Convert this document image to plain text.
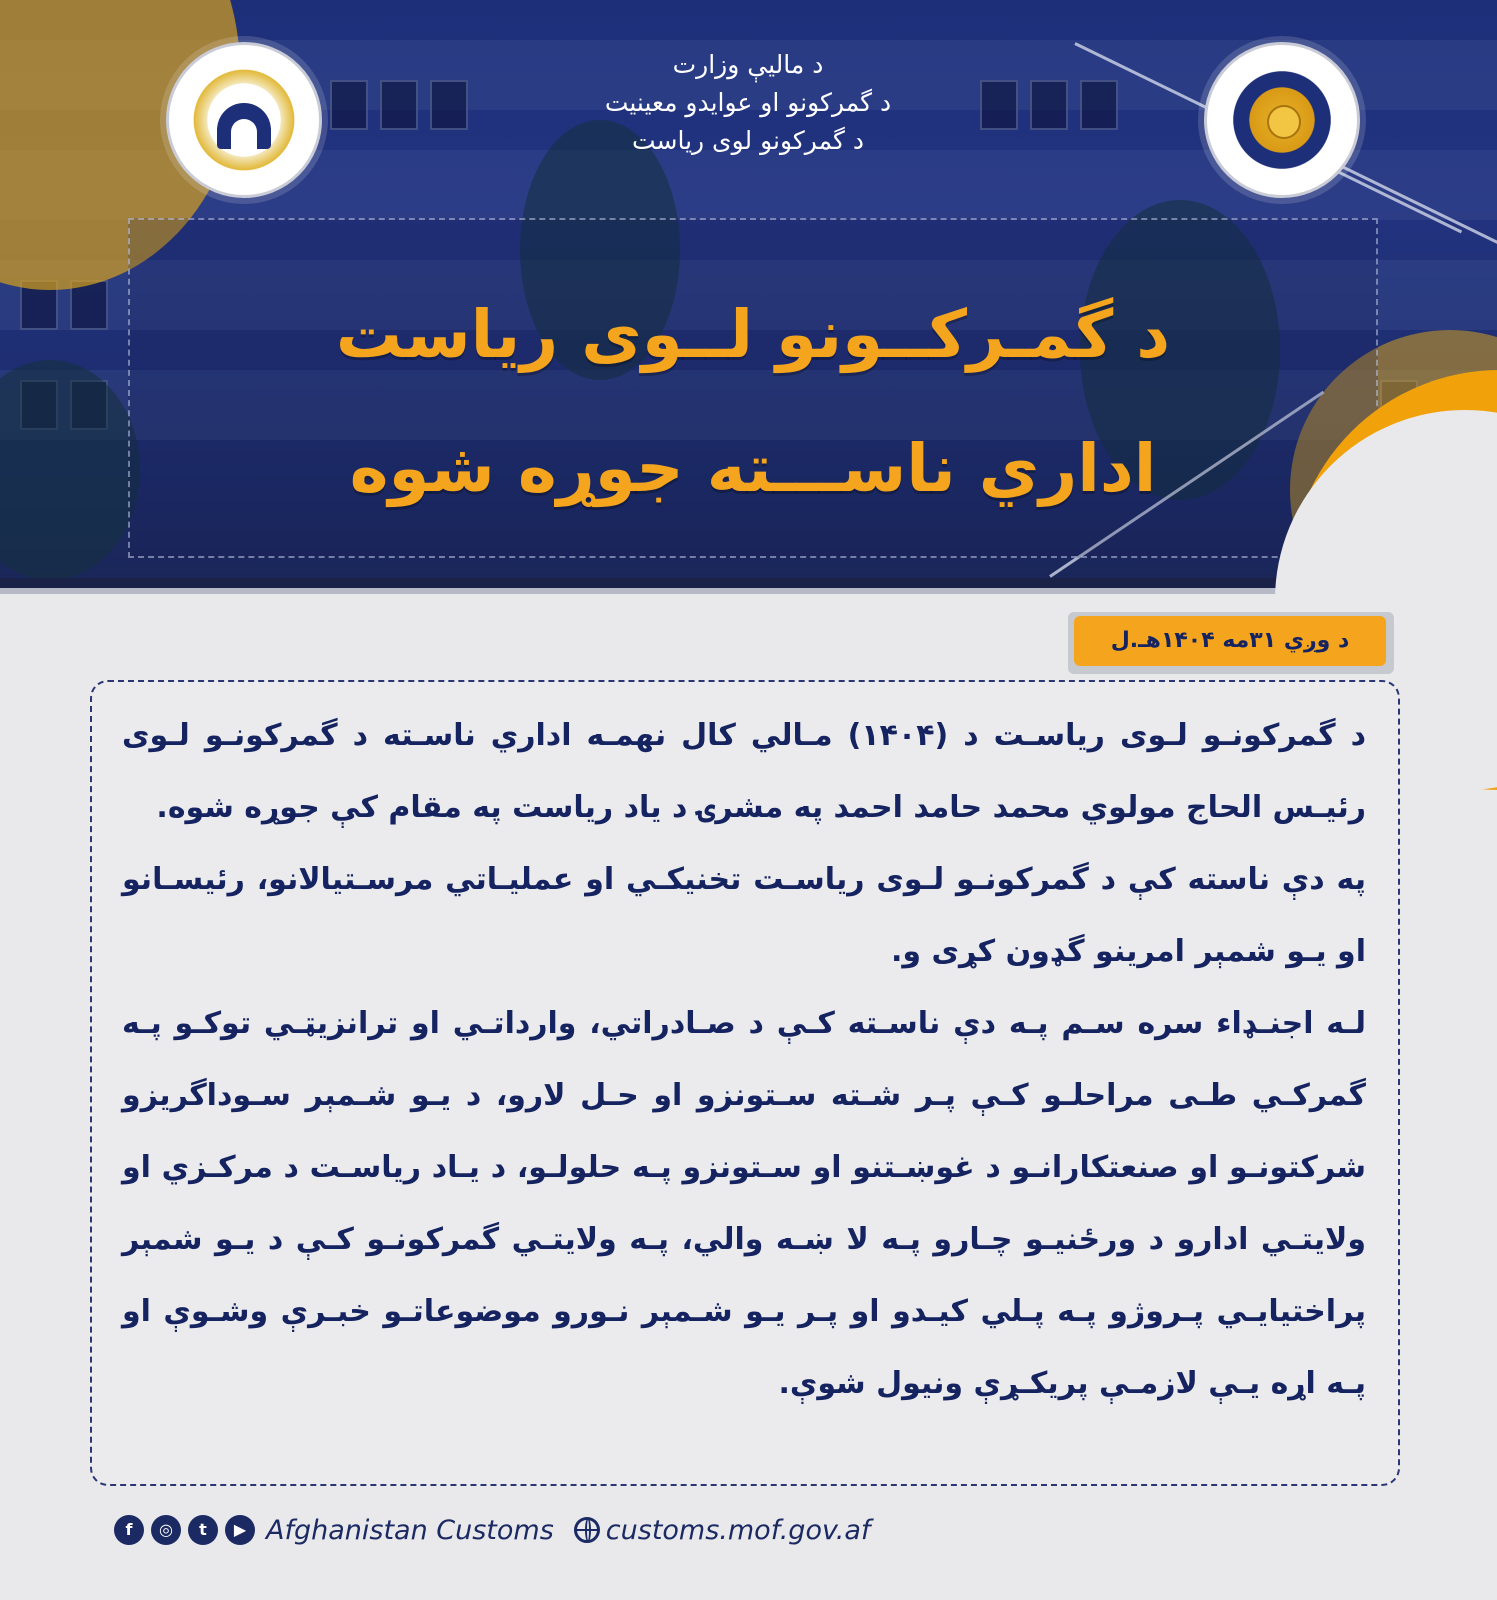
د ماليې وزارت
د گمرکونو او عوایدو معینیت
د گمرکونو لوی ریاست
د گمـرکــونو لــوی ریاست
اداري ناســـته جوړه شوه
د وږي ۳۱مه ۱۴۰۴هـ.ل

د گمرکونـو لـوی ریاسـت د (۱۴۰۴) مـالي کال نهمـه اداري ناسـته د گمرکونـو لـوی رئیـس الحاج مولوي محمد حامد احمد په مشرۍ د یاد ریاست په مقام کې جوړه شوه.

په دې ناسته کې د گمرکونـو لـوی ریاسـت تخنیکـي او عملیـاتي مرسـتیالانو، رئیسـانو او یـو شمېر امرینو گډون کړی و.

لـه اجنـډاء سره سـم پـه دې ناسـته کـې د صـادراتي، وارداتـي او ترانزیټـي توکـو پـه گمرکـي طـی مراحلـو کـې پـر شـته سـتونزو او حـل لارو، د یـو شـمېر سـوداگریزو شرکتونـو او صنعتکارانـو د غوښـتنو او سـتونزو پـه حلولـو، د یـاد ریاسـت د مرکـزي او ولایتـي ادارو د ورځنیـو چـارو پـه لا ښـه والي، پـه ولایتـي گمرکونـو کـې د یـو شمېر پراختیایـي پـروژو پـه پـلي کیـدو او پـر یـو شـمېر نـورو موضوعاتـو خبـرې وشـوې او پـه اړه یـې لازمـې پریکـړې ونیول شوې.

f	◎	t	▶ Afghanistan Customs customs.mof.gov.af
